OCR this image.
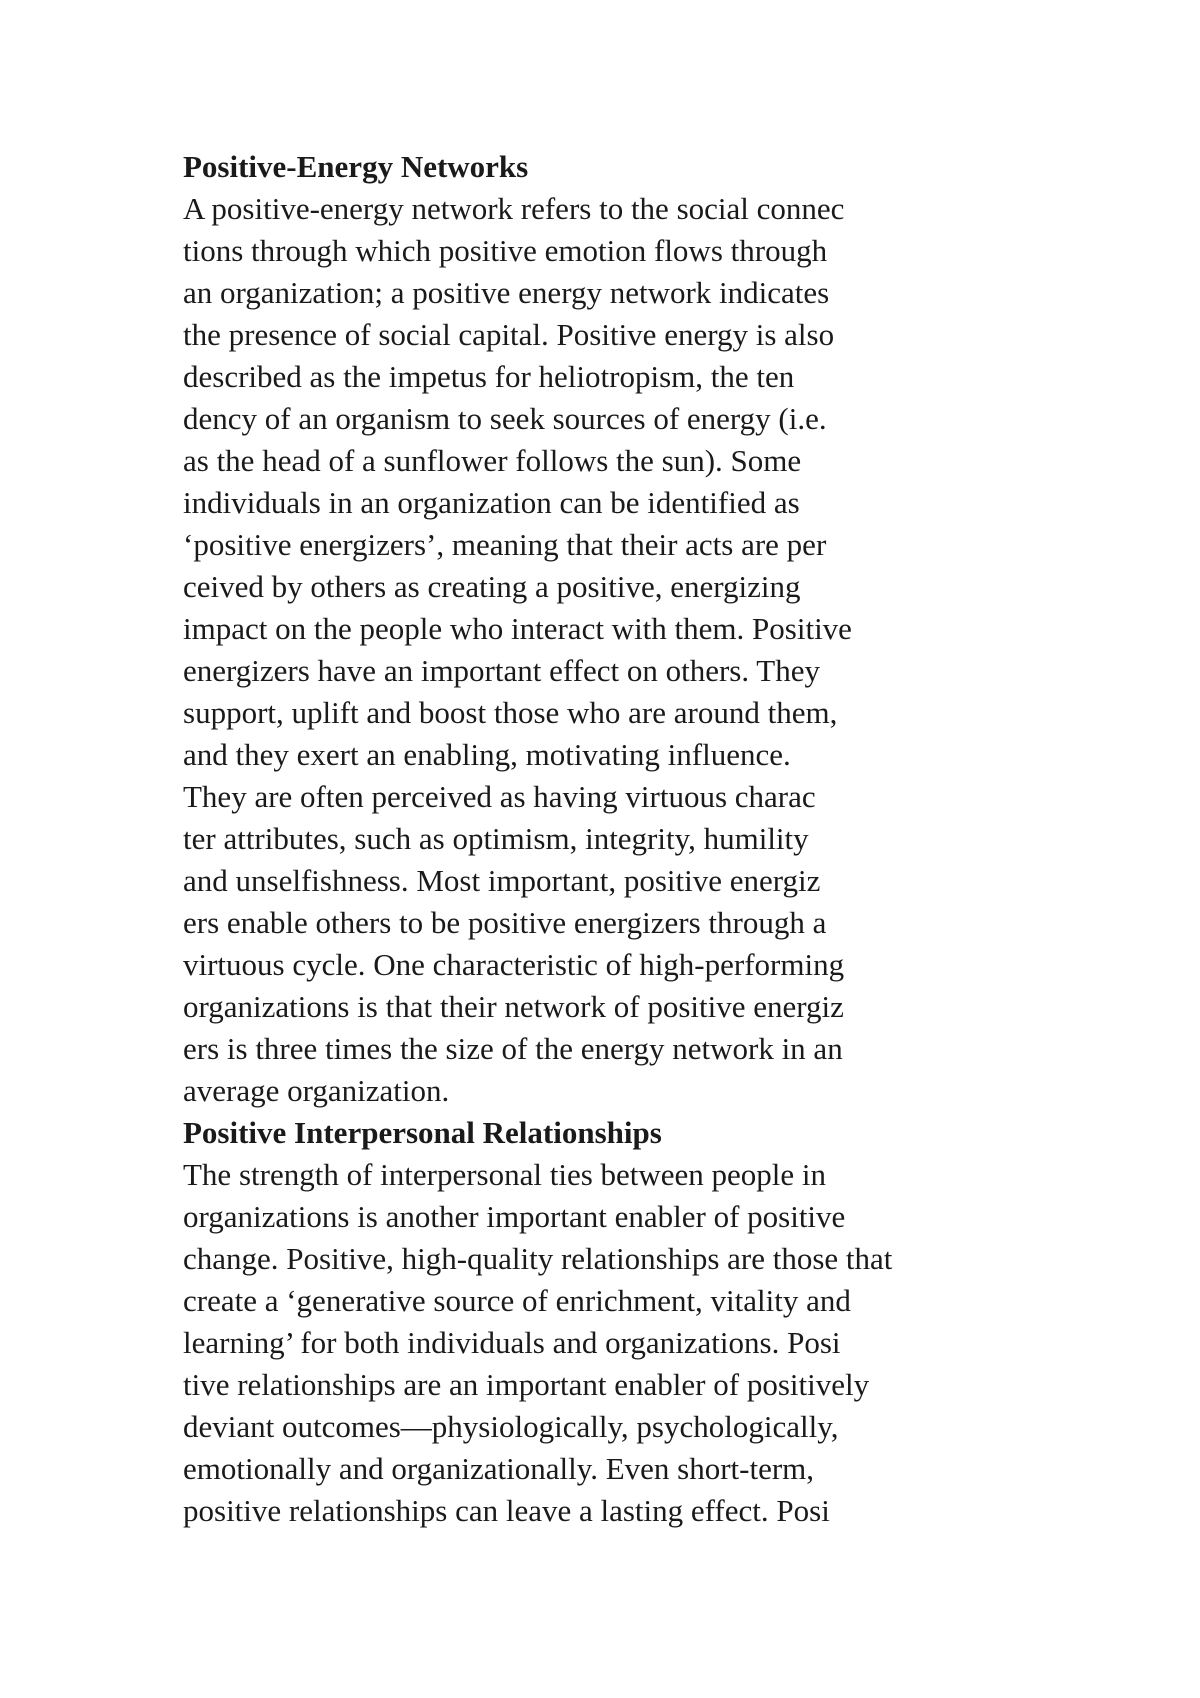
Positive-Energy Networks
A positive-energy network refers to the social connec
tions through which positive emotion flows through
an organization; a positive energy network indicates
the presence of social capital. Positive energy is also
described as the impetus for heliotropism, the ten
dency of an organism to seek sources of energy (i.e.
as the head of a sunflower follows the sun). Some
individuals in an organization can be identified as
‘positive energizers’, meaning that their acts are per
ceived by others as creating a positive, energizing
impact on the people who interact with them. Positive
energizers have an important effect on others. They
support, uplift and boost those who are around them,
and they exert an enabling, motivating influence.
They are often perceived as having virtuous charac
ter attributes, such as optimism, integrity, humility
and unselfishness. Most important, positive energiz
ers enable others to be positive energizers through a
virtuous cycle. One characteristic of high-performing
organizations is that their network of positive energiz
ers is three times the size of the energy network in an
average organization.
Positive Interpersonal Relationships
The strength of interpersonal ties between people in
organizations is another important enabler of positive
change. Positive, high-quality relationships are those that
create a ‘generative source of enrichment, vitality and
learning’ for both individuals and organizations. Posi
tive relationships are an important enabler of positively
deviant outcomes—physiologically, psychologically,
emotionally and organizationally. Even short-term,
positive relationships can leave a lasting effect. Posi
